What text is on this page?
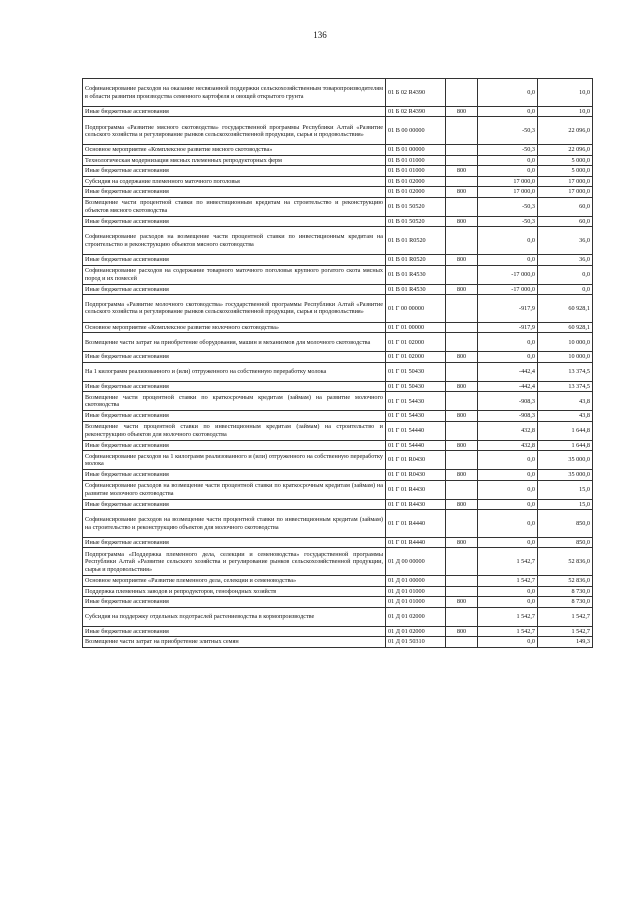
136
Софинансирование расходов на оказание несвязанной поддержки сельскохозяйственным товаропроизводителям в области развития производства семенного картофеля и овощей открытого грунта	01 Б 02 R4390		0,0	10,0
Иные бюджетные ассигнования	01 Б 02 R4390	800	0,0	10,0
Подпрограмма «Развитие мясного скотоводства» государственной программы Республики Алтай «Развитие сельского хозяйства и регулирование рынков сельскохозяйственной продукции, сырья и продовольствия»	01 В 00 00000		-50,3	22 096,0
Основное мероприятие «Комплексное развитие мясного скотоводства»	01 В 01 00000		-50,3	22 096,0
Технологическая модернизация мясных племенных репродукторных ферм	01 В 01 01000		0,0	5 000,0
Иные бюджетные ассигнования	01 В 01 01000	800	0,0	5 000,0
Субсидия на содержание племенного маточного поголовья	01 В 01 02000		17 000,0	17 000,0
Иные бюджетные ассигнования	01 В 01 02000	800	17 000,0	17 000,0
Возмещение части процентной ставки по инвестиционным кредитам на строительство и реконструкцию объектов мясного скотоводства	01 В 01 50520		-50,3	60,0
Иные бюджетные ассигнования	01 В 01 50520	800	-50,3	60,0
Софинансирование расходов на возмещение части процентной ставки по инвестиционным кредитам на строительство и реконструкцию объектов мясного скотоводства	01 В 01 R0520		0,0	36,0
Иные бюджетные ассигнования	01 В 01 R0520	800	0,0	36,0
Софинансирование расходов на содержание товарного маточного поголовья крупного рогатого скота мясных пород и их помесей	01 В 01 R4530		-17 000,0	0,0
Иные бюджетные ассигнования	01 В 01 R4530	800	-17 000,0	0,0
Подпрограмма «Развитие молочного скотоводства» государственной программы Республики Алтай «Развитие сельского хозяйства и регулирование рынков сельскохозяйственной продукции, сырья и продовольствия»	01 Г 00 00000		-917,9	60 928,1
Основное мероприятие «Комплексное развитие молочного скотоводства»	01 Г 01 00000		-917,9	60 928,1
Возмещение части затрат на приобретение оборудования, машин и механизмов для молочного скотоводства	01 Г 01 02000		0,0	10 000,0
Иные бюджетные ассигнования	01 Г 01 02000	800	0,0	10 000,0
На 1 килограмм реализованного и (или) отгруженного на собственную переработку молока	01 Г 01 50430		-442,4	13 374,5
Иные бюджетные ассигнования	01 Г 01 50430	800	-442,4	13 374,5
Возмещение части процентной ставки по краткосрочным кредитам (займам) на развитие молочного скотоводства	01 Г 01 54430		-908,3	43,8
Иные бюджетные ассигнования	01 Г 01 54430	800	-908,3	43,8
Возмещение части процентной ставки по инвестиционным кредитам (займам) на строительство и реконструкцию объектов для молочного скотоводства	01 Г 01 54440		432,8	1 644,8
Иные бюджетные ассигнования	01 Г 01 54440	800	432,8	1 644,8
Софинансирование расходов на 1 килограмм реализованного и (или) отгруженного на собственную переработку молока	01 Г 01 R0430		0,0	35 000,0
Иные бюджетные ассигнования	01 Г 01 R0430	800	0,0	35 000,0
Софинансирование расходов на возмещение части процентной ставки по краткосрочным кредитам (займам) на развитие молочного скотоводства	01 Г 01 R4430		0,0	15,0
Иные бюджетные ассигнования	01 Г 01 R4430	800	0,0	15,0
Софинансирование расходов на возмещение части процентной ставки по инвестиционным кредитам (займам) на строительство и реконструкцию объектов для молочного скотоводства	01 Г 01 R4440		0,0	850,0
Иные бюджетные ассигнования	01 Г 01 R4440	800	0,0	850,0
Подпрограмма «Поддержка племенного дела, селекции и семеноводства» государственной программы Республики Алтай «Развитие сельского хозяйства и регулирование рынков сельскохозяйственной продукции, сырья и продовольствия»	01 Д 00 00000		1 542,7	52 836,0
Основное мероприятие «Развитие племенного дела, селекции и семеноводства»	01 Д 01 00000		1 542,7	52 836,0
Поддержка племенных заводов и репродукторов, генофондных хозяйств	01 Д 01 01000		0,0	8 730,0
Иные бюджетные ассигнования	01 Д 01 01000	800	0,0	8 730,0
Субсидия на поддержку отдельных подотраслей растениеводства в кормопроизводстве	01 Д 01 02000		1 542,7	1 542,7
Иные бюджетные ассигнования	01 Д 01 02000	800	1 542,7	1 542,7
Возмещение части затрат на приобретение элитных семян	01 Д 01 50310		0,0	149,3
